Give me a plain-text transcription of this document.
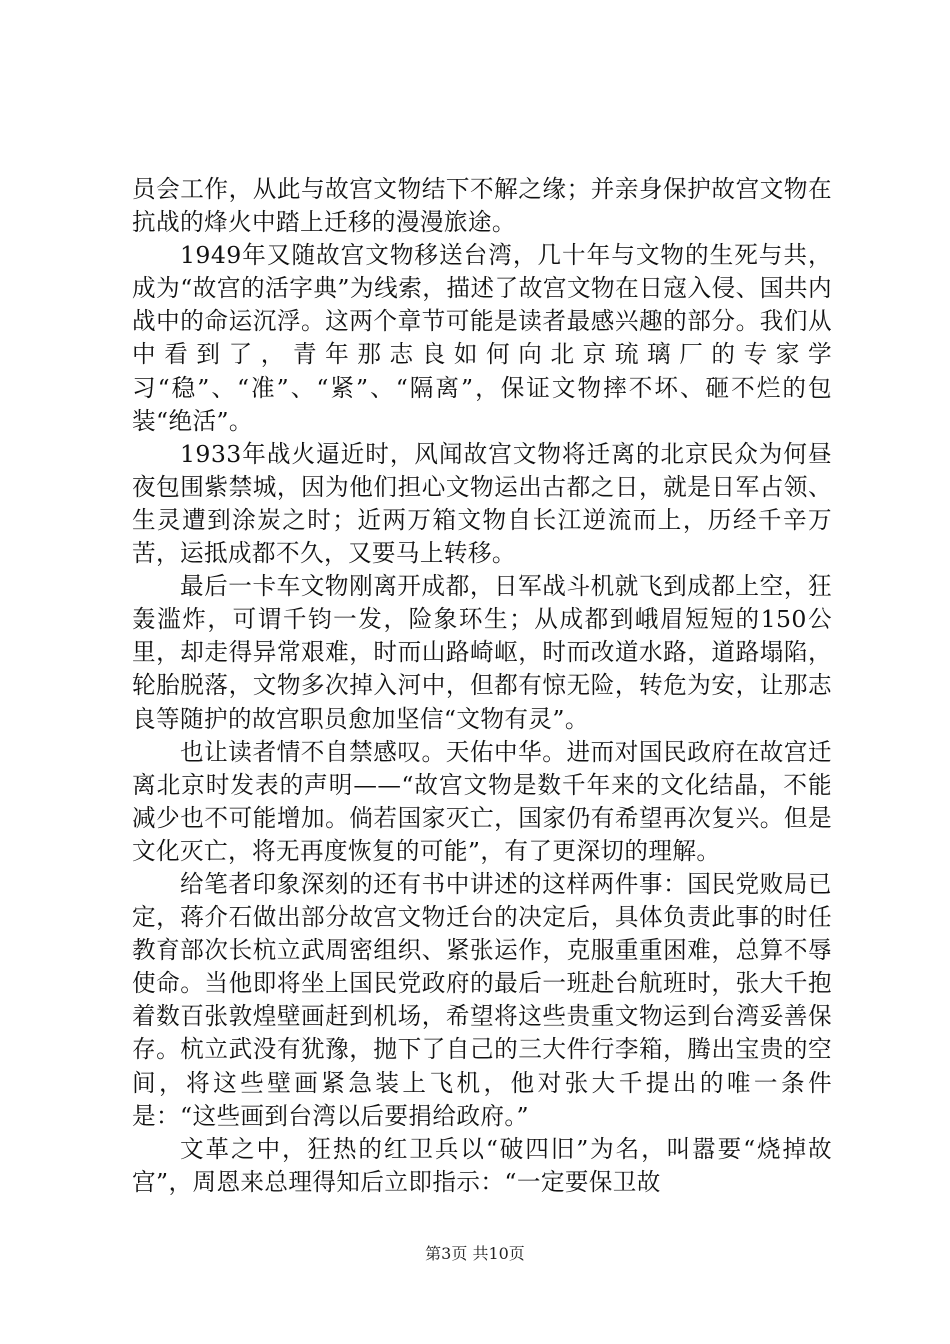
员会工作，从此与故宫文物结下不解之缘；并亲身保护故宫文物在抗战的烽火中踏上迁移的漫漫旅途。

1949年又随故宫文物移送台湾，几十年与文物的生死与共，成为“故宫的活字典”为线索，描述了故宫文物在日寇入侵、国共内战中的命运沉浮。这两个章节可能是读者最感兴趣的部分。我们从中看到了，青年那志良如何向北京琉璃厂的专家学习“稳”、“准”、“紧”、“隔离”，保证文物摔不坏、砸不烂的包装“绝活”。

1933年战火逼近时，风闻故宫文物将迁离的北京民众为何昼夜包围紫禁城，因为他们担心文物运出古都之日，就是日军占领、生灵遭到涂炭之时；近两万箱文物自长江逆流而上，历经千辛万苦，运抵成都不久，又要马上转移。

最后一卡车文物刚离开成都，日军战斗机就飞到成都上空，狂轰滥炸，可谓千钧一发，险象环生；从成都到峨眉短短的150公里，却走得异常艰难，时而山路崎岖，时而改道水路，道路塌陷，轮胎脱落，文物多次掉入河中，但都有惊无险，转危为安，让那志良等随护的故宫职员愈加坚信“文物有灵”。

也让读者情不自禁感叹。天佑中华。进而对国民政府在故宫迁离北京时发表的声明——“故宫文物是数千年来的文化结晶，不能减少也不可能增加。倘若国家灭亡，国家仍有希望再次复兴。但是文化灭亡，将无再度恢复的可能”，有了更深切的理解。

给笔者印象深刻的还有书中讲述的这样两件事：国民党败局已定，蒋介石做出部分故宫文物迁台的决定后，具体负责此事的时任教育部次长杭立武周密组织、紧张运作，克服重重困难，总算不辱使命。当他即将坐上国民党政府的最后一班赴台航班时，张大千抱着数百张敦煌壁画赶到机场，希望将这些贵重文物运到台湾妥善保存。杭立武没有犹豫，抛下了自己的三大件行李箱，腾出宝贵的空间，将这些壁画紧急装上飞机，他对张大千提出的唯一条件是：“这些画到台湾以后要捐给政府。”

文革之中，狂热的红卫兵以“破四旧”为名，叫嚣要“烧掉故宫”，周恩来总理得知后立即指示：“一定要保卫故

第3页 共10页
